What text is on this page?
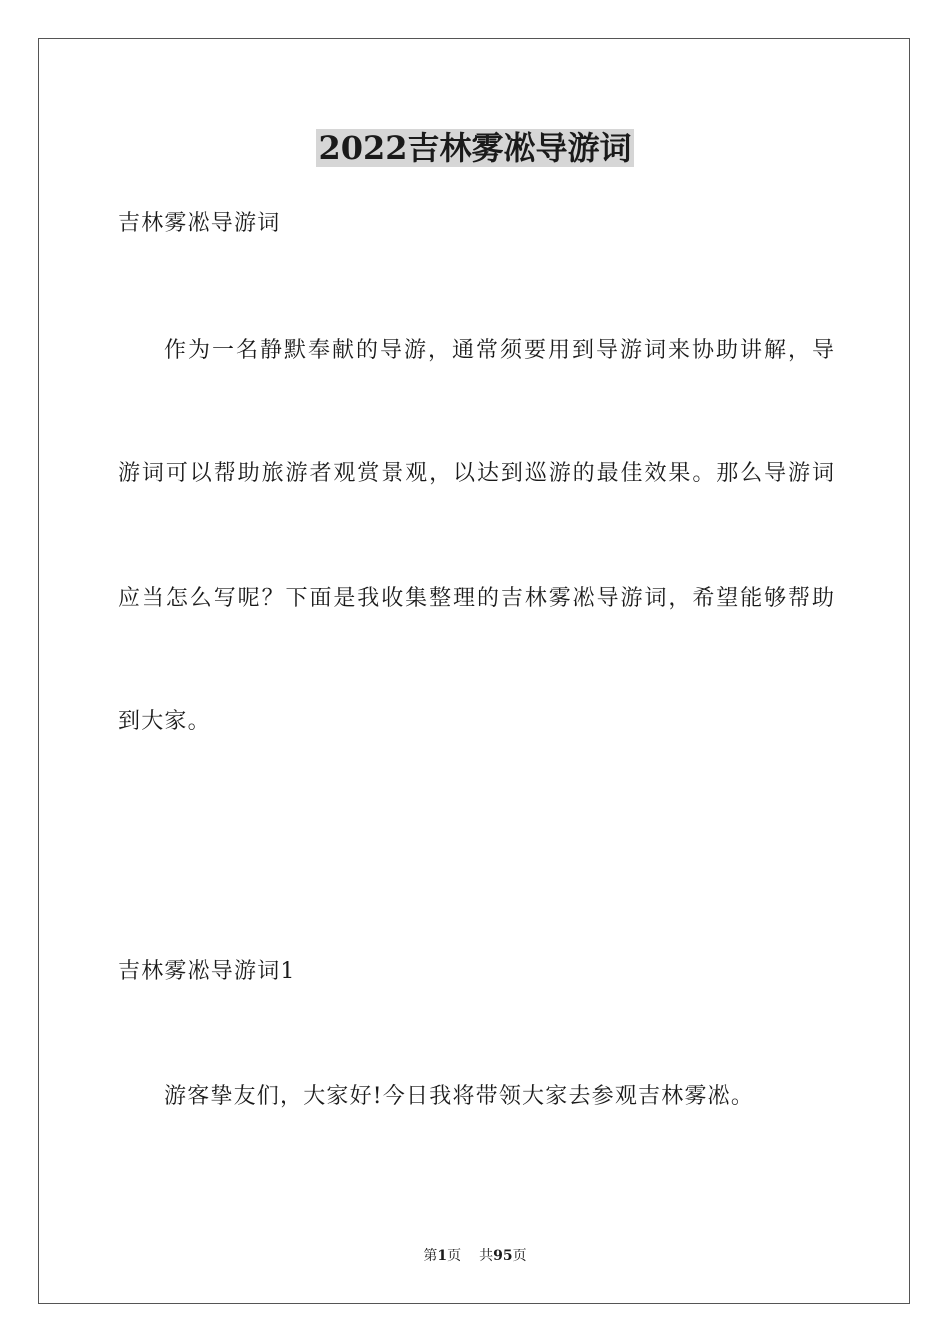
2022吉林雾凇导游词

吉林雾凇导游词

作为一名静默奉献的导游，通常须要用到导游词来协助讲解，导

游词可以帮助旅游者观赏景观，以达到巡游的最佳效果。那么导游词

应当怎么写呢？下面是我收集整理的吉林雾凇导游词，希望能够帮助

到大家。

吉林雾凇导游词1

游客挚友们，大家好!今日我将带领大家去参观吉林雾凇。

第1页 共95页
